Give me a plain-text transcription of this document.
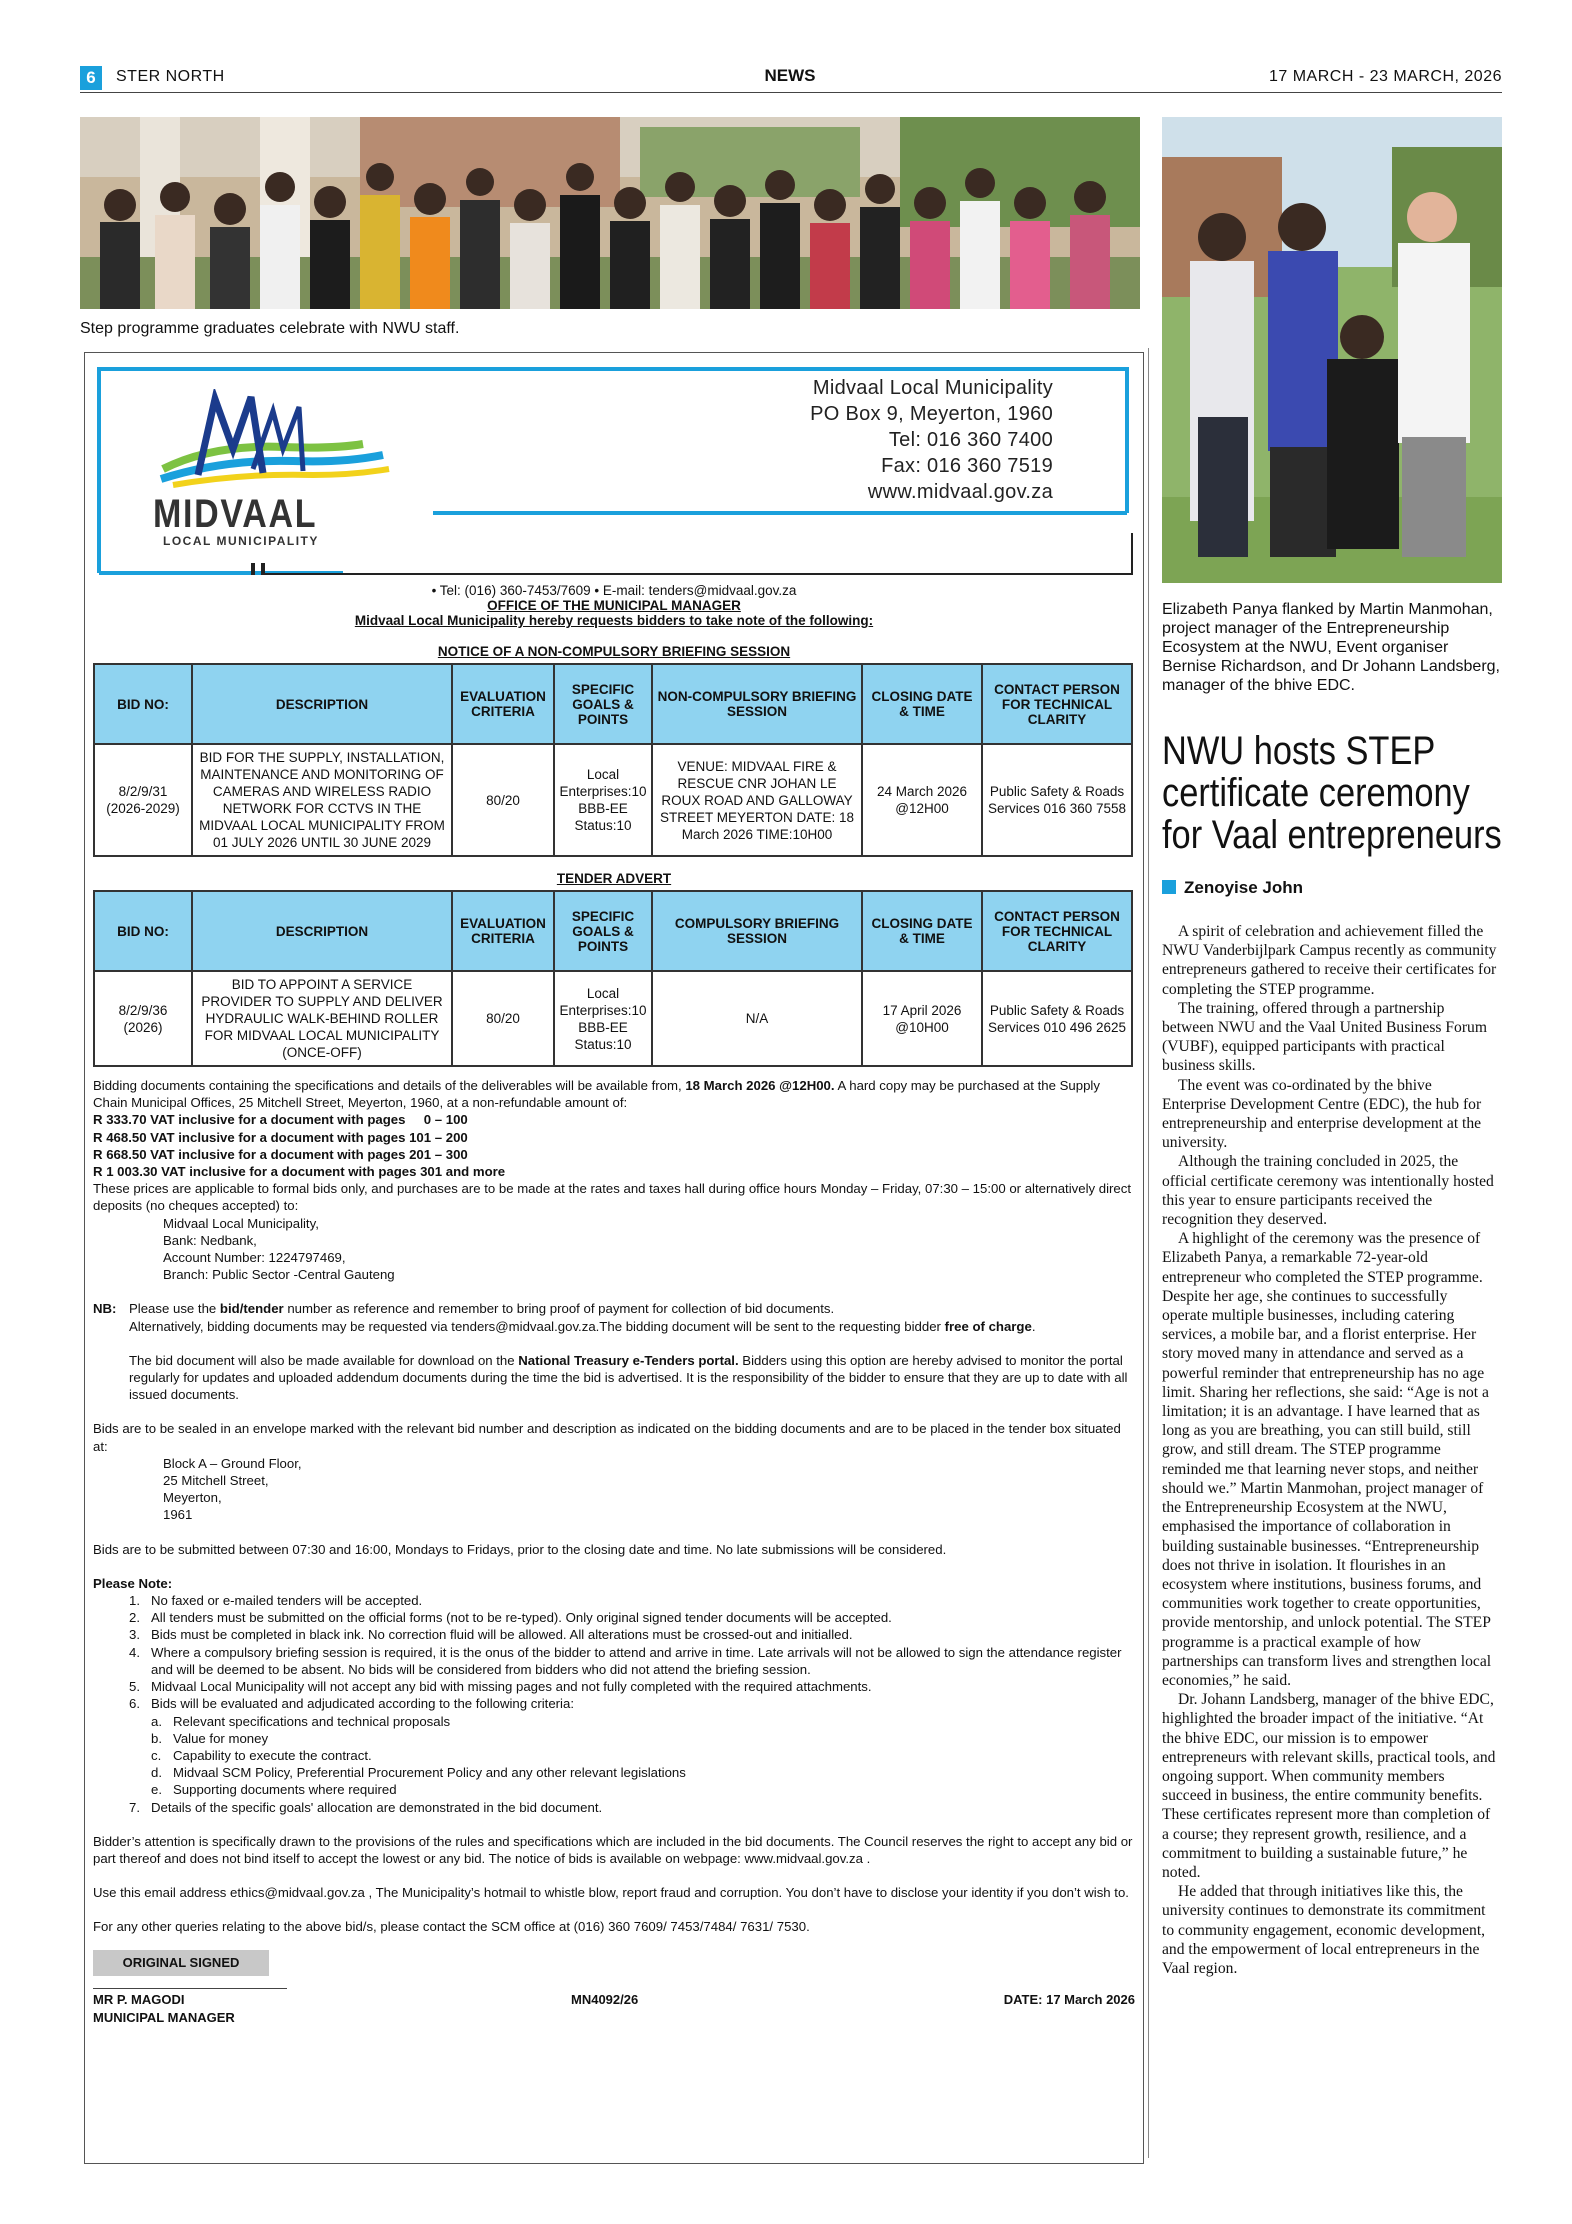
6	STER NORTH	NEWS	17 MARCH - 23 MARCH, 2026
Step programme graduates celebrate with NWU staff.
Elizabeth Panya flanked by Martin Manmohan, project manager of the Entrepreneurship Ecosystem at the NWU, Event organiser Bernise Richardson, and Dr Johann Landsberg, manager of the bhive EDC.
NWU hosts STEP certificate ceremony for Vaal entrepreneurs
Zenoyise John

A spirit of celebration and achievement filled the NWU Vanderbijlpark Campus recently as community entrepreneurs gathered to receive their certificates for completing the STEP programme.

The training, offered through a partnership between NWU and the Vaal United Business Forum (VUBF), equipped participants with practical business skills.

The event was co-ordinated by the bhive Enterprise Development Centre (EDC), the hub for entrepreneurship and enterprise development at the university.

Although the training concluded in 2025, the official certificate ceremony was intentionally hosted this year to ensure participants received the recognition they deserved.

A highlight of the ceremony was the presence of Elizabeth Panya, a remarkable 72-year-old entrepreneur who completed the STEP programme. Despite her age, she continues to successfully operate multiple businesses, including catering services, a mobile bar, and a florist enterprise. Her story moved many in attendance and served as a powerful reminder that entrepreneurship has no age limit. Sharing her reflections, she said: “Age is not a limitation; it is an advantage. I have learned that as long as you are breathing, you can still build, still grow, and still dream. The STEP programme reminded me that learning never stops, and neither should we.” Martin Manmohan, project manager of the Entrepreneurship Ecosystem at the NWU, emphasised the importance of collaboration in building sustainable businesses. “Entrepreneurship does not thrive in isolation. It flourishes in an ecosystem where institutions, business forums, and communities work together to create opportunities, provide mentorship, and unlock potential. The STEP programme is a practical example of how partnerships can transform lives and strengthen local economies,” he said.

Dr. Johann Landsberg, manager of the bhive EDC, highlighted the broader impact of the initiative. “At the bhive EDC, our mission is to empower entrepreneurs with relevant skills, practical tools, and ongoing support. When community members succeed in business, the entire community benefits. These certificates represent more than completion of a course; they represent growth, resilience, and a commitment to building a sustainable future,” he noted.

He added that through initiatives like this, the university continues to demonstrate its commitment to community engagement, economic development, and the empowerment of local entrepreneurs in the Vaal region.

MIDVAAL
LOCAL MUNICIPALITY
Midvaal Local Municipality
PO Box 9, Meyerton, 1960
Tel: 016 360 7400
Fax: 016 360 7519
www.midvaal.gov.za
• Tel: (016) 360-7453/7609 • E-mail: tenders@midvaal.gov.za
OFFICE OF THE MUNICIPAL MANAGER
Midvaal Local Municipality hereby requests bidders to take note of the following:
NOTICE OF A NON-COMPULSORY BRIEFING SESSION
BID NO:	DESCRIPTION	EVALUATION CRITERIA	SPECIFIC GOALS & POINTS	NON-COMPULSORY BRIEFING SESSION	CLOSING DATE & TIME	CONTACT PERSON FOR TECHNICAL CLARITY
8/2/9/31 (2026-2029)	BID FOR THE SUPPLY, INSTALLATION, MAINTENANCE AND MONITORING OF CAMERAS AND WIRELESS RADIO NETWORK FOR CCTVS IN THE MIDVAAL LOCAL MUNICIPALITY FROM 01 JULY 2026 UNTIL 30 JUNE 2029	80/20	Local Enterprises:10 BBB-EE Status:10	VENUE: MIDVAAL FIRE & RESCUE CNR JOHAN LE ROUX ROAD AND GALLOWAY STREET MEYERTON DATE: 18 March 2026 TIME:10H00	24 March 2026 @12H00	Public Safety & Roads Services 016 360 7558
TENDER ADVERT
BID NO:	DESCRIPTION	EVALUATION CRITERIA	SPECIFIC GOALS & POINTS	COMPULSORY BRIEFING SESSION	CLOSING DATE & TIME	CONTACT PERSON FOR TECHNICAL CLARITY
8/2/9/36 (2026)	BID TO APPOINT A SERVICE PROVIDER TO SUPPLY AND DELIVER HYDRAULIC WALK-BEHIND ROLLER FOR MIDVAAL LOCAL MUNICIPALITY (ONCE-OFF)	80/20	Local Enterprises:10 BBB-EE Status:10	N/A	17 April 2026 @10H00	Public Safety & Roads Services 010 496 2625

Bidding documents containing the specifications and details of the deliverables will be available from, 18 March 2026 @12H00. A hard copy may be purchased at the Supply Chain Municipal Offices, 25 Mitchell Street, Meyerton, 1960, at a non-refundable amount of:

R 333.70 VAT inclusive for a document with pages     0 – 100

R 468.50 VAT inclusive for a document with pages 101 – 200

R 668.50 VAT inclusive for a document with pages 201 – 300

R 1 003.30 VAT inclusive for a document with pages 301 and more

These prices are applicable to formal bids only, and purchases are to be made at the rates and taxes hall during office hours Monday – Friday, 07:30 – 15:00 or alternatively direct deposits (no cheques accepted) to:

Midvaal Local Municipality,

Bank: Nedbank,

Account Number: 1224797469,

Branch: Public Sector -Central Gauteng

NB: Please use the bid/tender number as reference and remember to bring proof of payment for collection of bid documents.

Alternatively, bidding documents may be requested via tenders@midvaal.gov.za.The bidding document will be sent to the requesting bidder free of charge.

The bid document will also be made available for download on the National Treasury e-Tenders portal. Bidders using this option are hereby advised to monitor the portal regularly for updates and uploaded addendum documents during the time the bid is advertised. It is the responsibility of the bidder to ensure that they are up to date with all issued documents.

Bids are to be sealed in an envelope marked with the relevant bid number and description as indicated on the bidding documents and are to be placed in the tender box situated at:

Block A – Ground Floor,

25 Mitchell Street,

Meyerton,

1961

Bids are to be submitted between 07:30 and 16:00, Mondays to Fridays, prior to the closing date and time. No late submissions will be considered.

Please Note:

1. No faxed or e-mailed tenders will be accepted.
2. All tenders must be submitted on the official forms (not to be re-typed). Only original signed tender documents will be accepted.
3. Bids must be completed in black ink. No correction fluid will be allowed. All alterations must be crossed-out and initialled.
4. Where a compulsory briefing session is required, it is the onus of the bidder to attend and arrive in time. Late arrivals will not be allowed to sign the attendance register and will be deemed to be absent. No bids will be considered from bidders who did not attend the briefing session.
5. Midvaal Local Municipality will not accept any bid with missing pages and not fully completed with the required attachments.
6. Bids will be evaluated and adjudicated according to the following criteria:
a. Relevant specifications and technical proposals
b. Value for money
c. Capability to execute the contract.
d. Midvaal SCM Policy, Preferential Procurement Policy and any other relevant legislations
e. Supporting documents where required
7. Details of the specific goals' allocation are demonstrated in the bid document.

Bidder’s attention is specifically drawn to the provisions of the rules and specifications which are included in the bid documents. The Council reserves the right to accept any bid or part thereof and does not bind itself to accept the lowest or any bid. The notice of bids is available on webpage: www.midvaal.gov.za .

Use this email address ethics@midvaal.gov.za , The Municipality’s hotmail to whistle blow, report fraud and corruption. You don’t have to disclose your identity if you don’t wish to.

For any other queries relating to the above bid/s, please contact the SCM office at (016) 360 7609/ 7453/7484/ 7631/ 7530.

ORIGINAL SIGNED
MR P. MAGODI
MUNICIPAL MANAGER
MN4092/26	DATE: 17 March 2026
